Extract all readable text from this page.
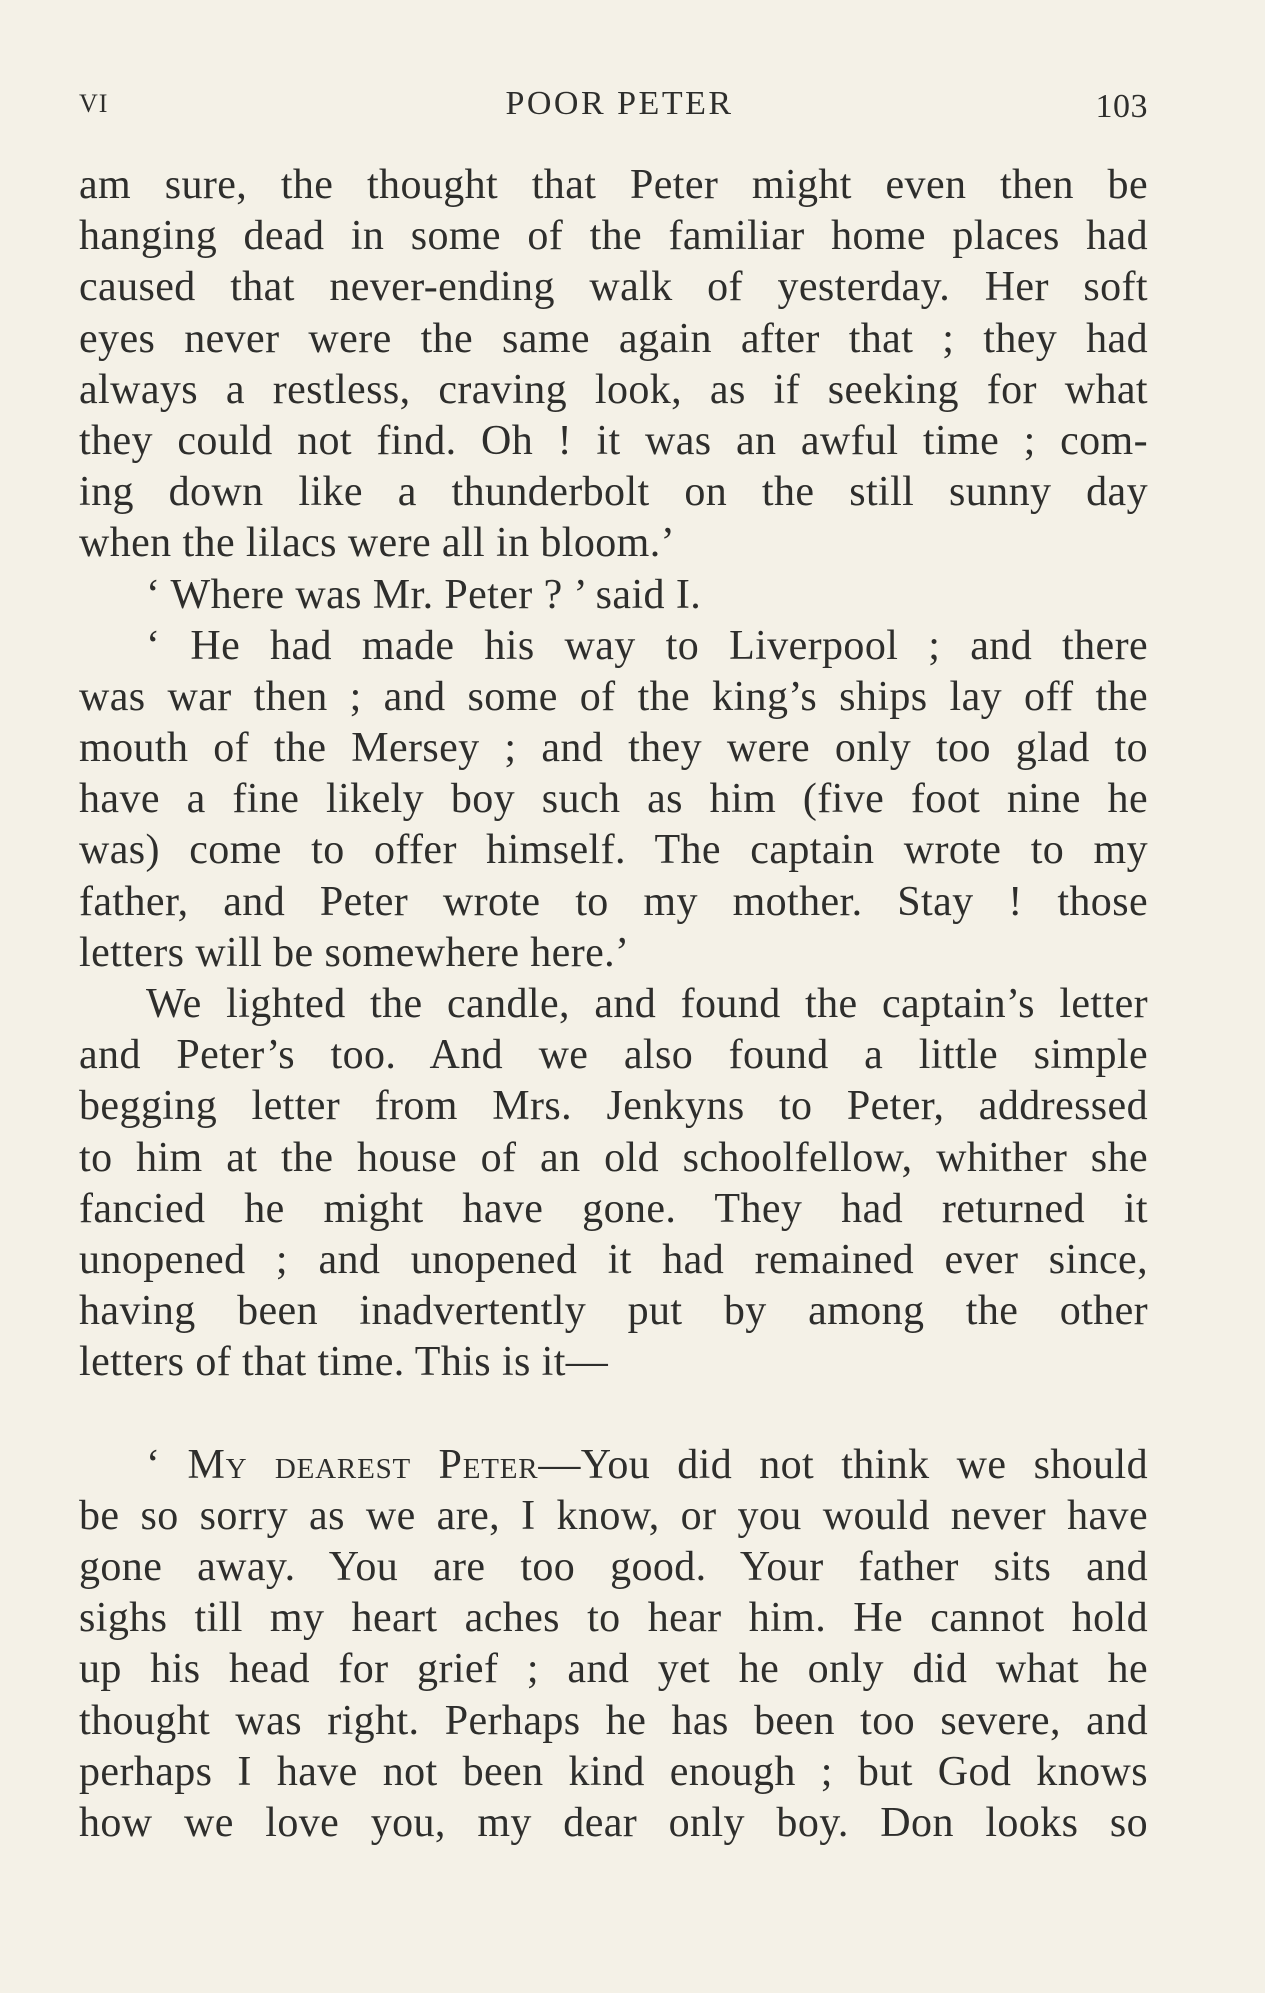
VI	POOR PETER	103
am sure, the thought that Peter might even then be
hanging dead in some of the familiar home places had
caused that never-ending walk of yesterday. Her soft
eyes never were the same again after that ; they had
always a restless, craving look, as if seeking for what
they could not find. Oh ! it was an awful time ; com-
ing down like a thunderbolt on the still sunny day
when the lilacs were all in bloom.’
‘ Where was Mr. Peter ? ’ said I.
‘ He had made his way to Liverpool ; and there
was war then ; and some of the king’s ships lay off the
mouth of the Mersey ; and they were only too glad to
have a fine likely boy such as him (five foot nine he
was) come to offer himself. The captain wrote to my
father, and Peter wrote to my mother. Stay ! those
letters will be somewhere here.’
We lighted the candle, and found the captain’s letter
and Peter’s too. And we also found a little simple
begging letter from Mrs. Jenkyns to Peter, addressed
to him at the house of an old schoolfellow, whither she
fancied he might have gone. They had returned it
unopened ; and unopened it had remained ever since,
having been inadvertently put by among the other
letters of that time. This is it—
‘ My dearest Peter—You did not think we should
be so sorry as we are, I know, or you would never have
gone away. You are too good. Your father sits and
sighs till my heart aches to hear him. He cannot hold
up his head for grief ; and yet he only did what he
thought was right. Perhaps he has been too severe, and
perhaps I have not been kind enough ; but God knows
how we love you, my dear only boy. Don looks so
